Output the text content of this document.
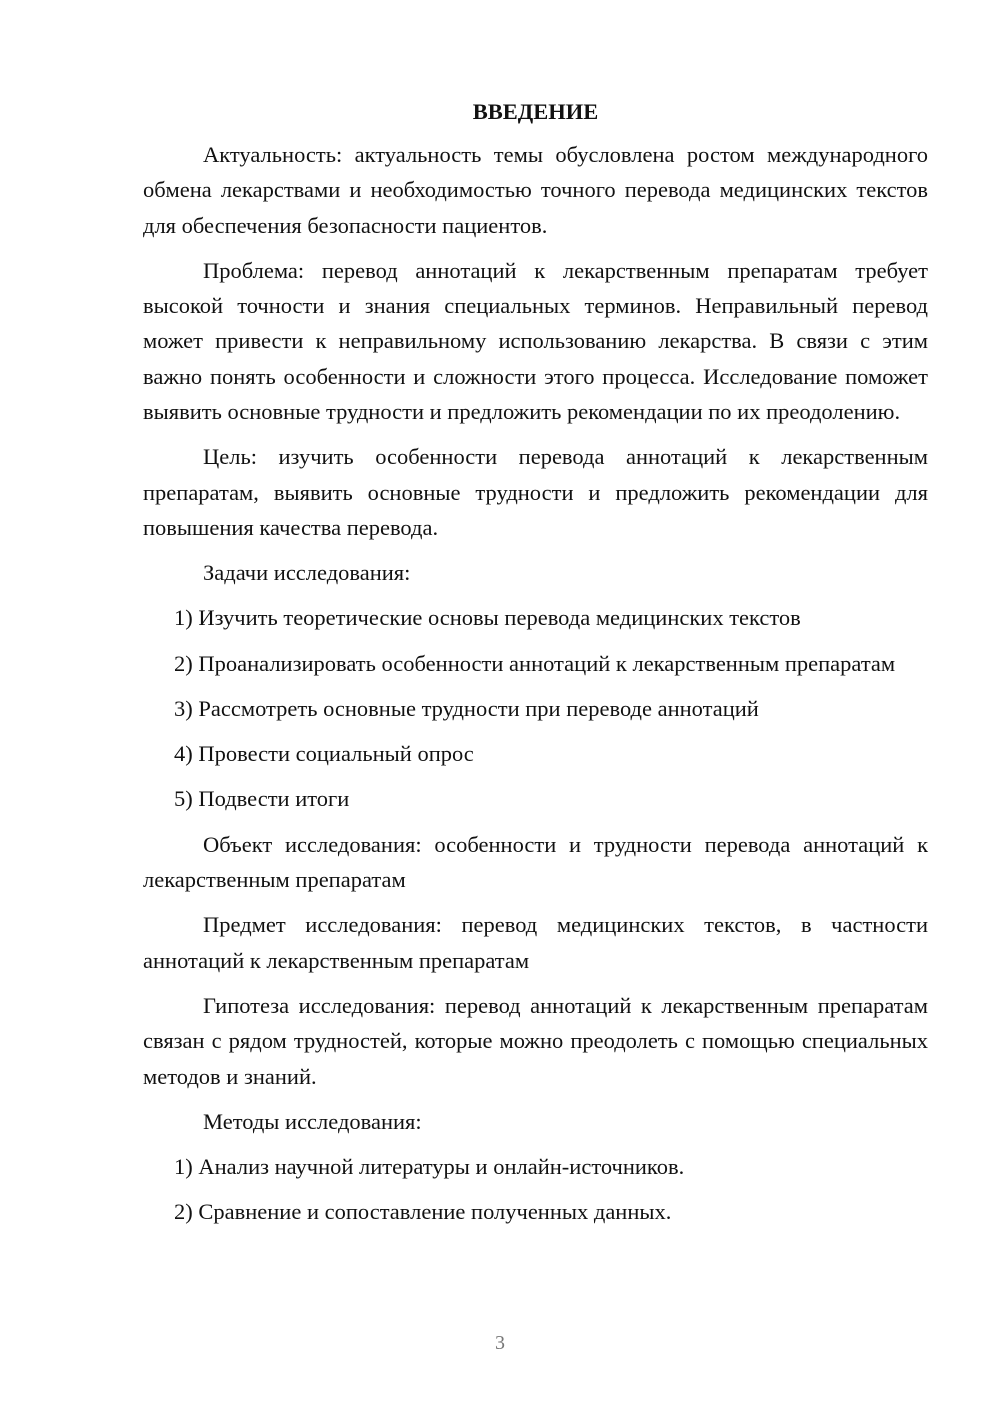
ВВЕДЕНИЕ

Актуальность: актуальность темы обусловлена ростом международного обмена лекарствами и необходимостью точного перевода медицинских текстов для обеспечения безопасности пациентов.

Проблема: перевод аннотаций к лекарственным препаратам требует высокой точности и знания специальных терминов. Неправильный перевод может привести к неправильному использованию лекарства. В связи с этим важно понять особенности и сложности этого процесса. Исследование поможет выявить основные трудности и предложить рекомендации по их преодолению.

Цель: изучить особенности перевода аннотаций к лекарственным препаратам, выявить основные трудности и предложить рекомендации для повышения качества перевода.

Задачи исследования:

1) Изучить теоретические основы перевода медицинских текстов

2) Проанализировать особенности аннотаций к лекарственным препаратам

3) Рассмотреть основные трудности при переводе аннотаций

4) Провести социальный опрос

5) Подвести итоги

Объект исследования: особенности и трудности перевода аннотаций к лекарственным препаратам

Предмет исследования: перевод медицинских текстов, в частности аннотаций к лекарственным препаратам

Гипотеза исследования: перевод аннотаций к лекарственным препаратам связан с рядом трудностей, которые можно преодолеть с помощью специальных методов и знаний.

Методы исследования:

1) Анализ научной литературы и онлайн-источников.

2) Сравнение и сопоставление полученных данных.

3
